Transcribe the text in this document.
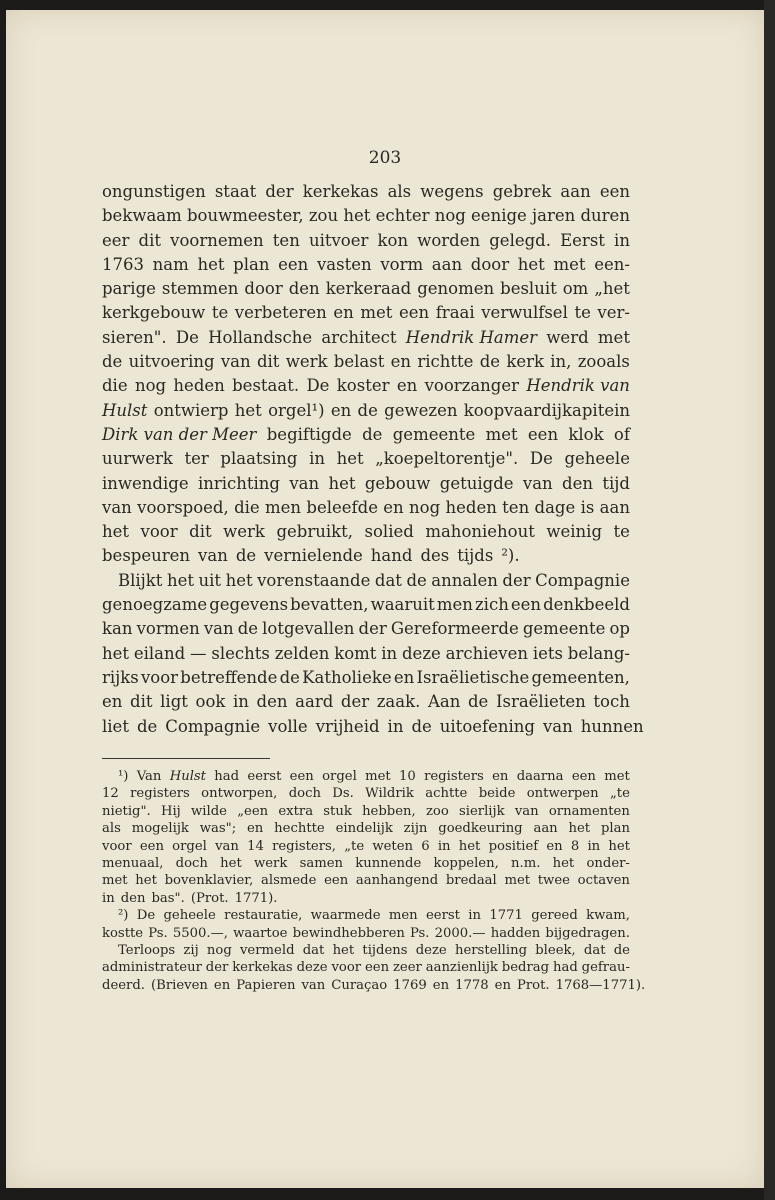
203
ongunstigen staat der kerkekas als wegens gebrek aan een
bekwaam bouwmeester, zou het echter nog eenige jaren duren
eer dit voornemen ten uitvoer kon worden gelegd. Eerst in
1763 nam het plan een vasten vorm aan door het met een-
parige stemmen door den kerkeraad genomen besluit om „het
kerkgebouw te verbeteren en met een fraai verwulfsel te ver-
sieren". De Hollandsche architect Hendrik Hamer werd met
de uitvoering van dit werk belast en richtte de kerk in, zooals
die nog heden bestaat. De koster en voorzanger Hendrik van
Hulst ontwierp het orgel¹) en de gewezen koopvaardijkapitein
Dirk van der Meer begiftigde de gemeente met een klok of
uurwerk ter plaatsing in het „koepeltorentje". De geheele
inwendige inrichting van het gebouw getuigde van den tijd
van voorspoed, die men beleefde en nog heden ten dage is aan
het voor dit werk gebruikt, solied mahoniehout weinig te
bespeuren van de vernielende hand des tijds ²).
Blijkt het uit het vorenstaande dat de annalen der Compagnie
genoegzame gegevens bevatten, waaruit men zich een denkbeeld
kan vormen van de lotgevallen der Gereformeerde gemeente op
het eiland — slechts zelden komt in deze archieven iets belang-
rijks voor betreffende de Katholieke en Israëlietische gemeenten,
en dit ligt ook in den aard der zaak. Aan de Israëlieten toch
liet de Compagnie volle vrijheid in de uitoefening van hunnen
¹) Van Hulst had eerst een orgel met 10 registers en daarna een met
12 registers ontworpen, doch Ds. Wildrik achtte beide ontwerpen „te
nietig". Hij wilde „een extra stuk hebben, zoo sierlijk van ornamenten
als mogelijk was"; en hechtte eindelijk zijn goedkeuring aan het plan
voor een orgel van 14 registers, „te weten 6 in het positief en 8 in het
menuaal, doch het werk samen kunnende koppelen, n.m. het onder-
met het bovenklavier, alsmede een aanhangend bredaal met twee octaven
in den bas". (Prot. 1771).
²) De geheele restauratie, waarmede men eerst in 1771 gereed kwam,
kostte Ps. 5500.—, waartoe bewindhebberen Ps. 2000.— hadden bijgedragen.
Terloops zij nog vermeld dat het tijdens deze herstelling bleek, dat de
administrateur der kerkekas deze voor een zeer aanzienlijk bedrag had gefrau-
deerd. (Brieven en Papieren van Curaçao 1769 en 1778 en Prot. 1768—1771).
